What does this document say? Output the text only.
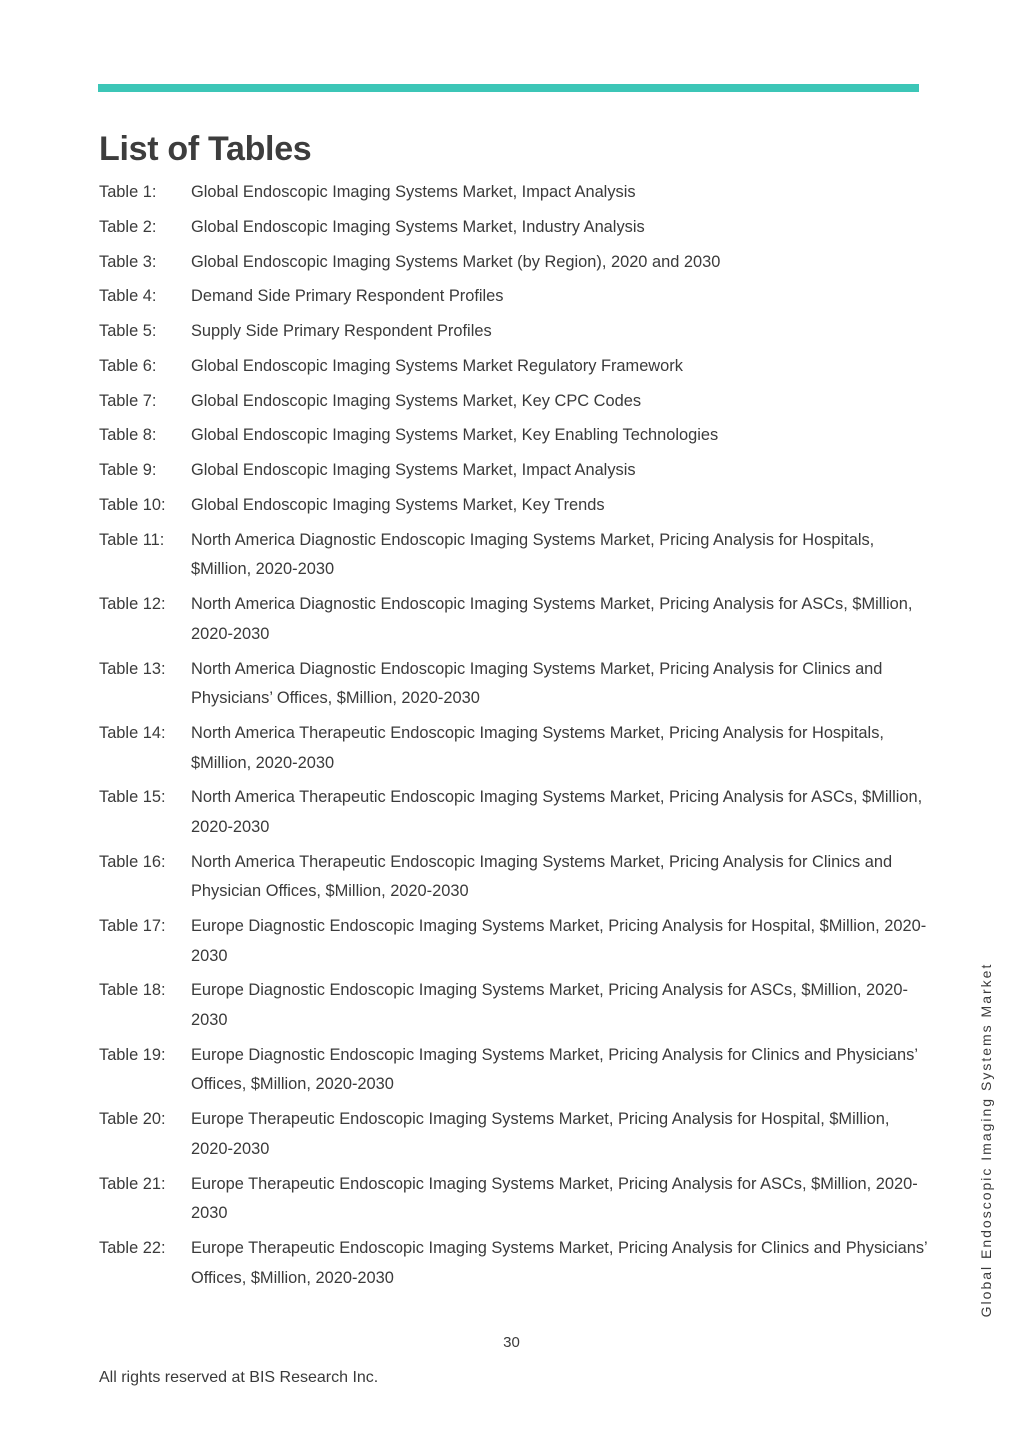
List of Tables
Table 1:	Global Endoscopic Imaging Systems Market, Impact Analysis
Table 2:	Global Endoscopic Imaging Systems Market, Industry Analysis
Table 3:	Global Endoscopic Imaging Systems Market (by Region), 2020 and 2030
Table 4:	Demand Side Primary Respondent Profiles
Table 5:	Supply Side Primary Respondent Profiles
Table 6:	Global Endoscopic Imaging Systems Market Regulatory Framework
Table 7:	Global Endoscopic Imaging Systems Market, Key CPC Codes
Table 8:	Global Endoscopic Imaging Systems Market, Key Enabling Technologies
Table 9:	Global Endoscopic Imaging Systems Market, Impact Analysis
Table 10:	Global Endoscopic Imaging Systems Market, Key Trends
Table 11:	North America Diagnostic Endoscopic Imaging Systems Market, Pricing Analysis for Hospitals, $Million, 2020-2030
Table 12:	North America Diagnostic Endoscopic Imaging Systems Market, Pricing Analysis for ASCs, $Million, 2020-2030
Table 13:	North America Diagnostic Endoscopic Imaging Systems Market, Pricing Analysis for Clinics and Physicians’ Offices, $Million, 2020-2030
Table 14:	North America Therapeutic Endoscopic Imaging Systems Market, Pricing Analysis for Hospitals, $Million, 2020-2030
Table 15:	North America Therapeutic Endoscopic Imaging Systems Market, Pricing Analysis for ASCs, $Million, 2020-2030
Table 16:	North America Therapeutic Endoscopic Imaging Systems Market, Pricing Analysis for Clinics and Physician Offices, $Million, 2020-2030
Table 17:	Europe Diagnostic Endoscopic Imaging Systems Market, Pricing Analysis for Hospital, $Million, 2020-2030
Table 18:	Europe Diagnostic Endoscopic Imaging Systems Market, Pricing Analysis for ASCs, $Million, 2020-2030
Table 19:	Europe Diagnostic Endoscopic Imaging Systems Market, Pricing Analysis for Clinics and Physicians’ Offices, $Million, 2020-2030
Table 20:	Europe Therapeutic Endoscopic Imaging Systems Market, Pricing Analysis for Hospital, $Million, 2020-2030
Table 21:	Europe Therapeutic Endoscopic Imaging Systems Market, Pricing Analysis for ASCs, $Million, 2020-2030
Table 22:	Europe Therapeutic Endoscopic Imaging Systems Market, Pricing Analysis for Clinics and Physicians’ Offices, $Million, 2020-2030
30
All rights reserved at BIS Research Inc.
Global Endoscopic Imaging Systems Market
